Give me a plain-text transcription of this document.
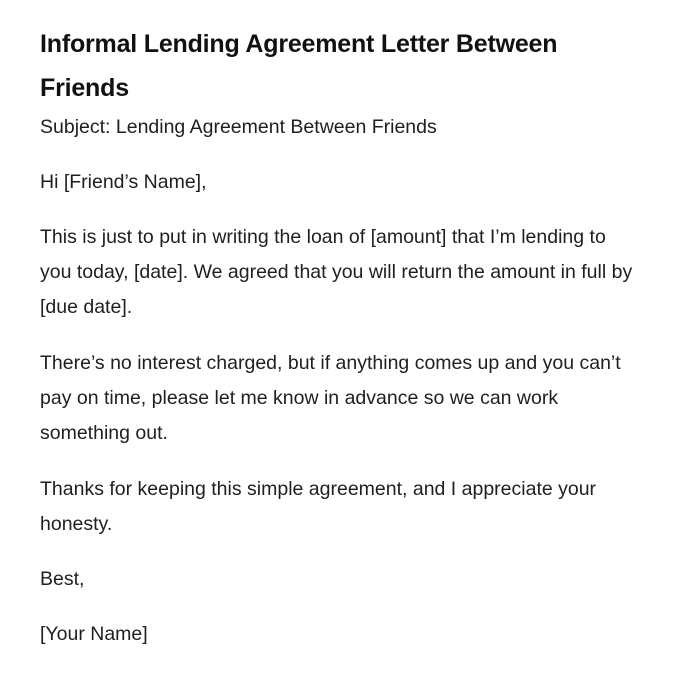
Informal Lending Agreement Letter Between Friends

Subject: Lending Agreement Between Friends

Hi [Friend’s Name],

This is just to put in writing the loan of [amount] that I’m lending to you today, [date]. We agreed that you will return the amount in full by [due date].

There’s no interest charged, but if anything comes up and you can’t pay on time, please let me know in advance so we can work something out.

Thanks for keeping this simple agreement, and I appreciate your honesty.

Best,

[Your Name]
